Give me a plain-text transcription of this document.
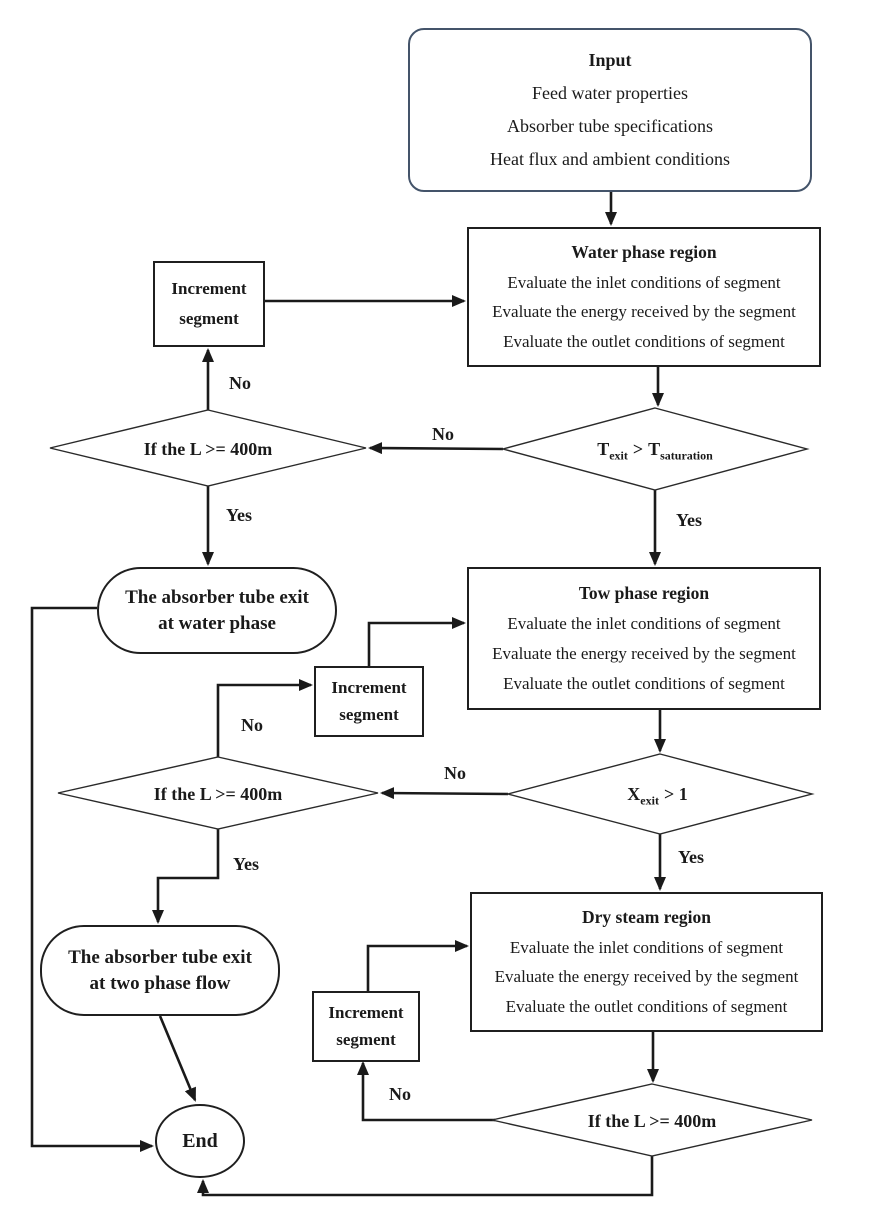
Input
Feed water properties
Absorber tube specifications
Heat flux and ambient conditions
Water phase region
Evaluate the inlet conditions of segment
Evaluate the energy received by the segment
Evaluate the outlet conditions of segment
Increment
segment
Tow phase region
Evaluate the inlet conditions of segment
Evaluate the energy received by the segment
Evaluate the outlet conditions of segment
Increment
segment
Dry steam region
Evaluate the inlet conditions of segment
Evaluate the energy received by the segment
Evaluate the outlet conditions of segment
Increment
segment
The absorber tube exit
at water phase
The absorber tube exit
at two phase flow
End
If the L >= 400m	$T_{exit} > T_{saturation}$
If the L >= 400m	$X_{exit} > 1$
If the L >= 400m
No
No
Yes	Yes
No
No
Yes	Yes
No
